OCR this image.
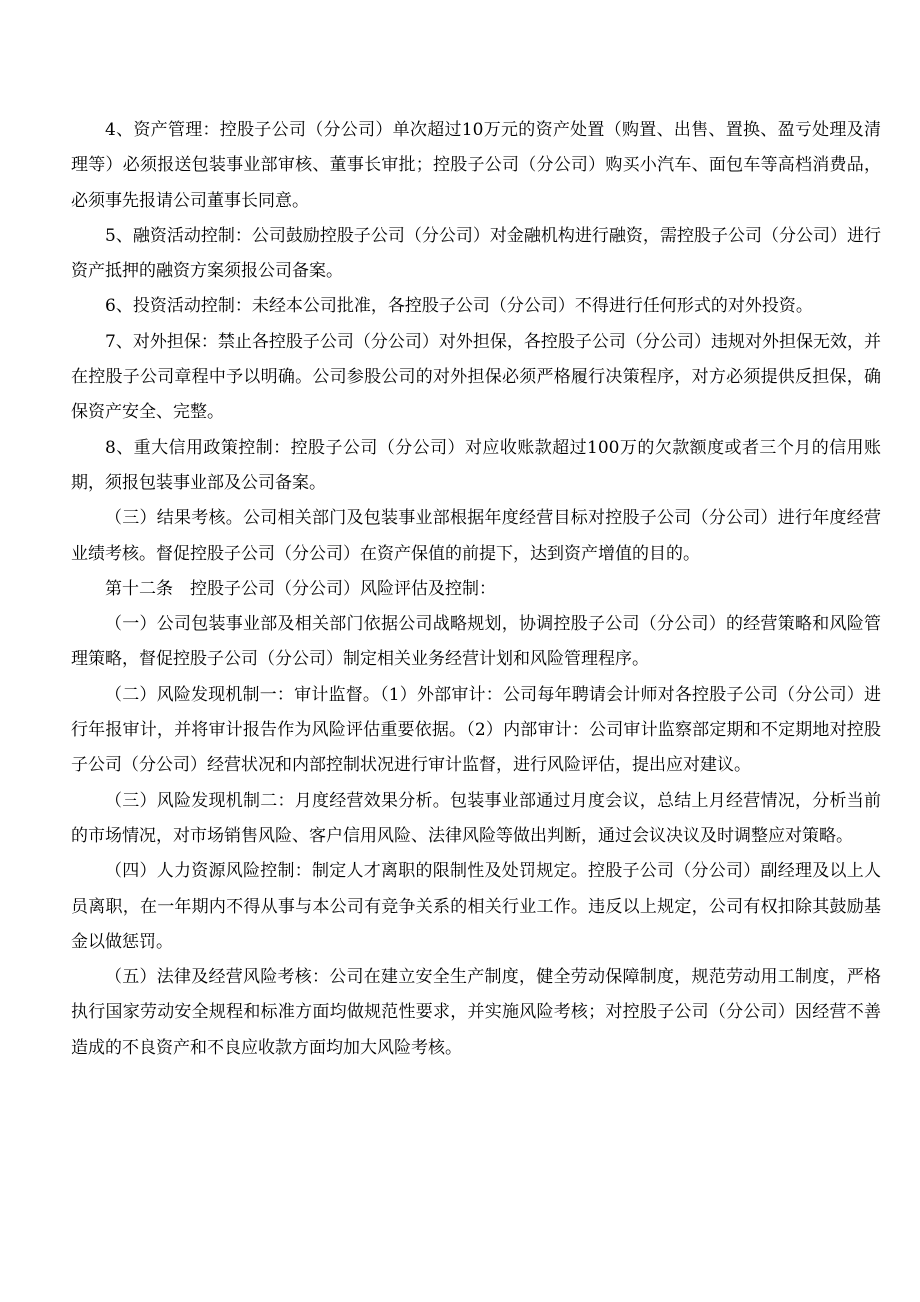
4、资产管理：控股子公司（分公司）单次超过10万元的资产处置（购置、出售、置换、盈亏处理及清理等）必须报送包装事业部审核、董事长审批；控股子公司（分公司）购买小汽车、面包车等高档消费品，必须事先报请公司董事长同意。

5、融资活动控制：公司鼓励控股子公司（分公司）对金融机构进行融资，需控股子公司（分公司）进行资产抵押的融资方案须报公司备案。

6、投资活动控制：未经本公司批准，各控股子公司（分公司）不得进行任何形式的对外投资。

7、对外担保：禁止各控股子公司（分公司）对外担保，各控股子公司（分公司）违规对外担保无效，并在控股子公司章程中予以明确。公司参股公司的对外担保必须严格履行决策程序，对方必须提供反担保，确保资产安全、完整。

8、重大信用政策控制：控股子公司（分公司）对应收账款超过100万的欠款额度或者三个月的信用账期，须报包装事业部及公司备案。

（三）结果考核。公司相关部门及包装事业部根据年度经营目标对控股子公司（分公司）进行年度经营业绩考核。督促控股子公司（分公司）在资产保值的前提下，达到资产增值的目的。

第十二条　控股子公司（分公司）风险评估及控制：

（一）公司包装事业部及相关部门依据公司战略规划，协调控股子公司（分公司）的经营策略和风险管理策略，督促控股子公司（分公司）制定相关业务经营计划和风险管理程序。

（二）风险发现机制一：审计监督。（1）外部审计：公司每年聘请会计师对各控股子公司（分公司）进行年报审计，并将审计报告作为风险评估重要依据。（2）内部审计：公司审计监察部定期和不定期地对控股子公司（分公司）经营状况和内部控制状况进行审计监督，进行风险评估，提出应对建议。

（三）风险发现机制二：月度经营效果分析。包装事业部通过月度会议，总结上月经营情况，分析当前的市场情况，对市场销售风险、客户信用风险、法律风险等做出判断，通过会议决议及时调整应对策略。

（四）人力资源风险控制：制定人才离职的限制性及处罚规定。控股子公司（分公司）副经理及以上人员离职，在一年期内不得从事与本公司有竞争关系的相关行业工作。违反以上规定，公司有权扣除其鼓励基金以做惩罚。

（五）法律及经营风险考核：公司在建立安全生产制度，健全劳动保障制度，规范劳动用工制度，严格执行国家劳动安全规程和标准方面均做规范性要求，并实施风险考核；对控股子公司（分公司）因经营不善造成的不良资产和不良应收款方面均加大风险考核。
